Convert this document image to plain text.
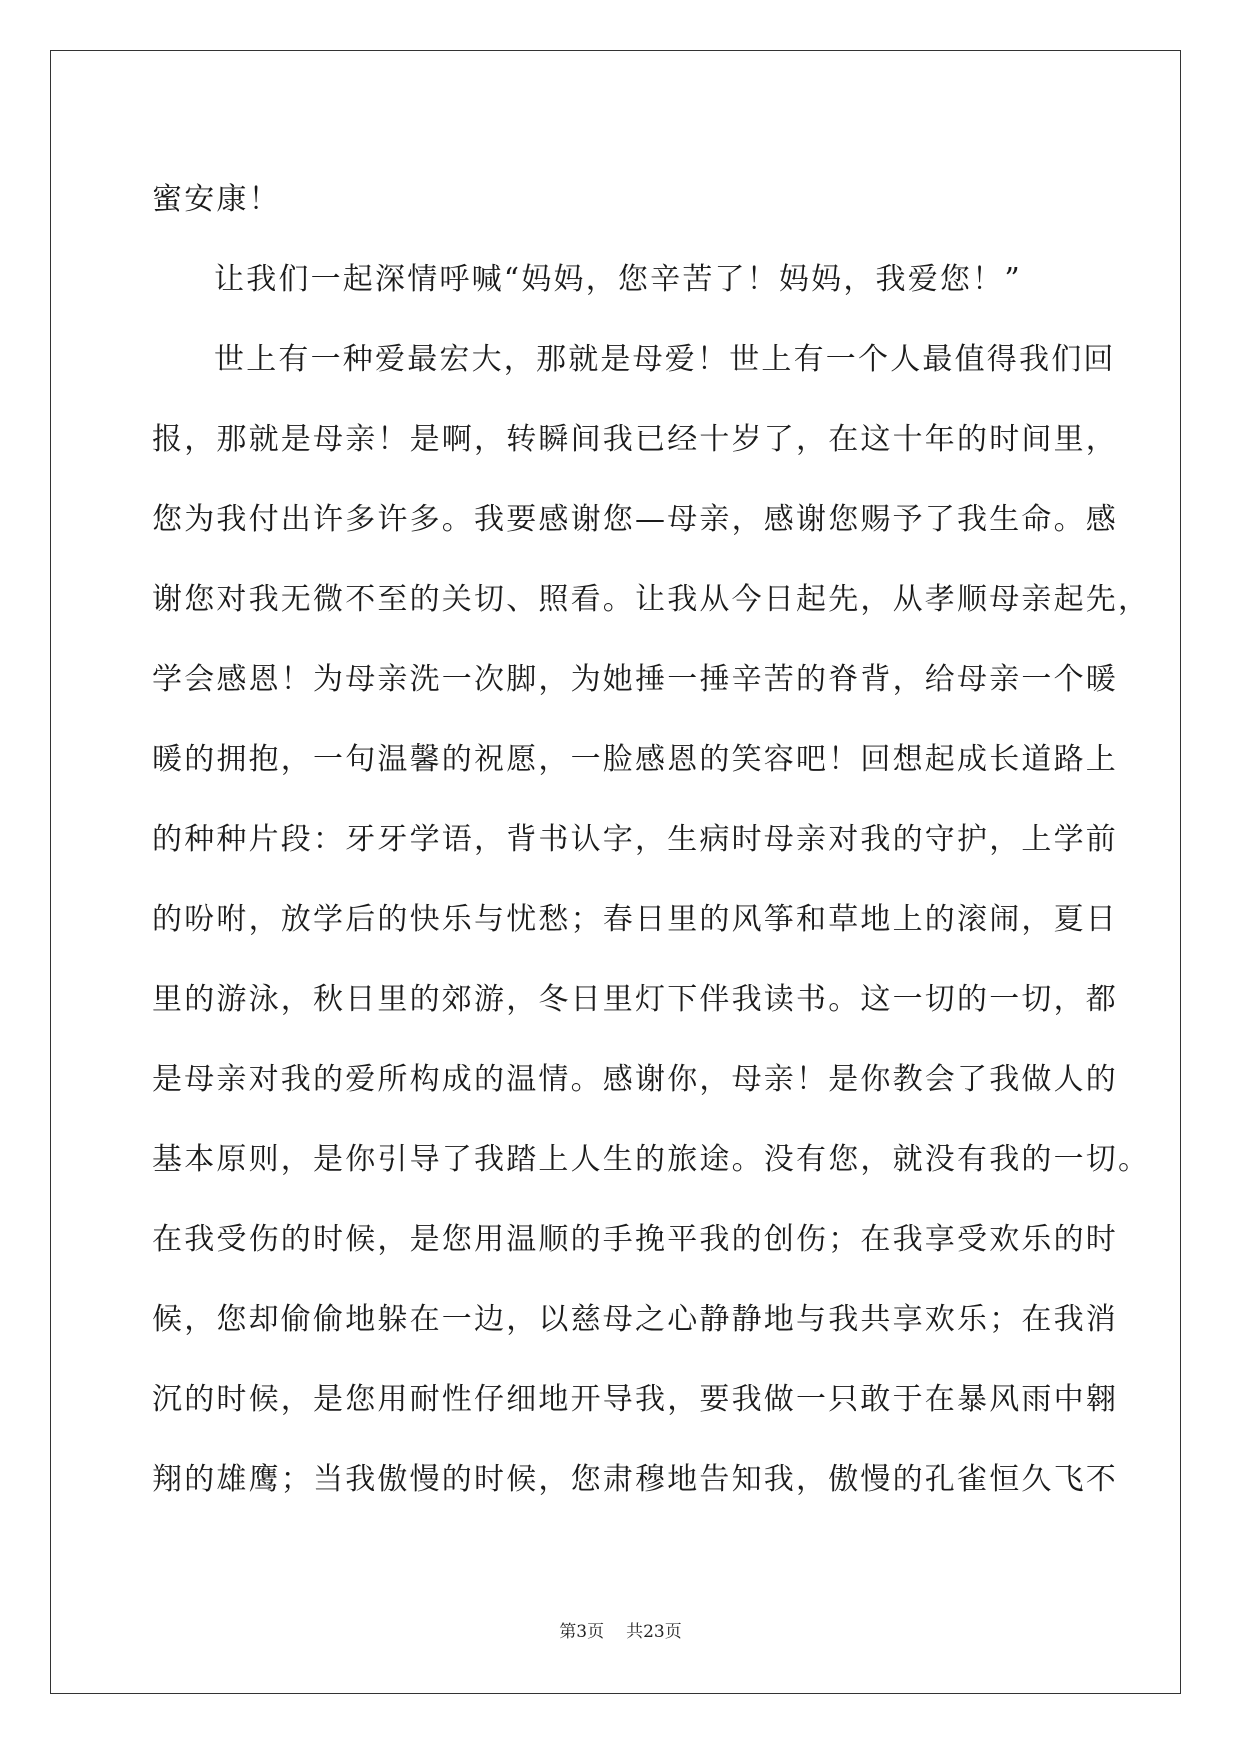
蜜安康！
让我们一起深情呼喊“妈妈，您辛苦了！妈妈，我爱您！”
世上有一种爱最宏大，那就是母爱！世上有一个人最值得我们回
报，那就是母亲！是啊，转瞬间我已经十岁了，在这十年的时间里，
您为我付出许多许多。我要感谢您—母亲，感谢您赐予了我生命。感
谢您对我无微不至的关切、照看。让我从今日起先，从孝顺母亲起先，
学会感恩！为母亲洗一次脚，为她捶一捶辛苦的脊背，给母亲一个暖
暖的拥抱，一句温馨的祝愿，一脸感恩的笑容吧！回想起成长道路上
的种种片段：牙牙学语，背书认字，生病时母亲对我的守护，上学前
的吩咐，放学后的快乐与忧愁；春日里的风筝和草地上的滚闹，夏日
里的游泳，秋日里的郊游，冬日里灯下伴我读书。这一切的一切，都
是母亲对我的爱所构成的温情。感谢你，母亲！是你教会了我做人的
基本原则，是你引导了我踏上人生的旅途。没有您，就没有我的一切。
在我受伤的时候，是您用温顺的手挽平我的创伤；在我享受欢乐的时
候，您却偷偷地躲在一边，以慈母之心静静地与我共享欢乐；在我消
沉的时候，是您用耐性仔细地开导我，要我做一只敢于在暴风雨中翱
翔的雄鹰；当我傲慢的时候，您肃穆地告知我，傲慢的孔雀恒久飞不
第3页 共23页
